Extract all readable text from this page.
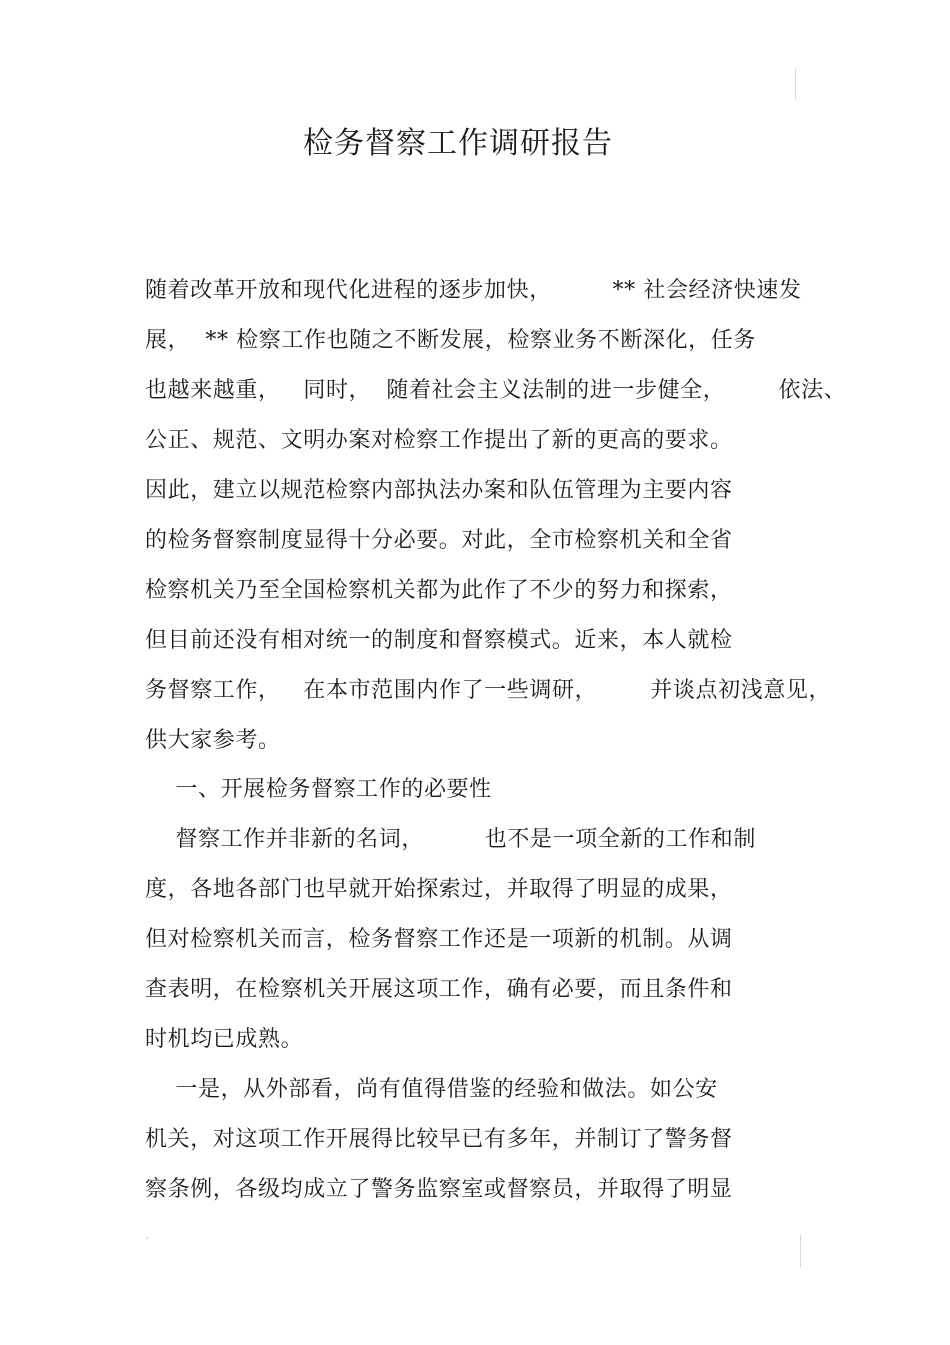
检务督察工作调研报告
随着改革开放和现代化进程的逐步加快，        ** 社会经济快速发
展，  ** 检察工作也随之不断发展，检察业务不断深化，任务
也越来越重，   同时，  随着社会主义法制的进一步健全，       依法、
公正、规范、文明办案对检察工作提出了新的更高的要求。
因此，建立以规范检察内部执法办案和队伍管理为主要内容
的检务督察制度显得十分必要。对此，全市检察机关和全省
检察机关乃至全国检察机关都为此作了不少的努力和探索，
但目前还没有相对统一的制度和督察模式。近来，本人就检
务督察工作，   在本市范围内作了一些调研，       并谈点初浅意见，
供大家参考。
一、开展检务督察工作的必要性
督察工作并非新的名词，        也不是一项全新的工作和制
度，各地各部门也早就开始探索过，并取得了明显的成果，
但对检察机关而言，检务督察工作还是一项新的机制。从调
查表明，在检察机关开展这项工作，确有必要，而且条件和
时机均已成熟。
一是，从外部看，尚有值得借鉴的经验和做法。如公安
机关，对这项工作开展得比较早已有多年，并制订了警务督
察条例，各级均成立了警务监察室或督察员，并取得了明显
